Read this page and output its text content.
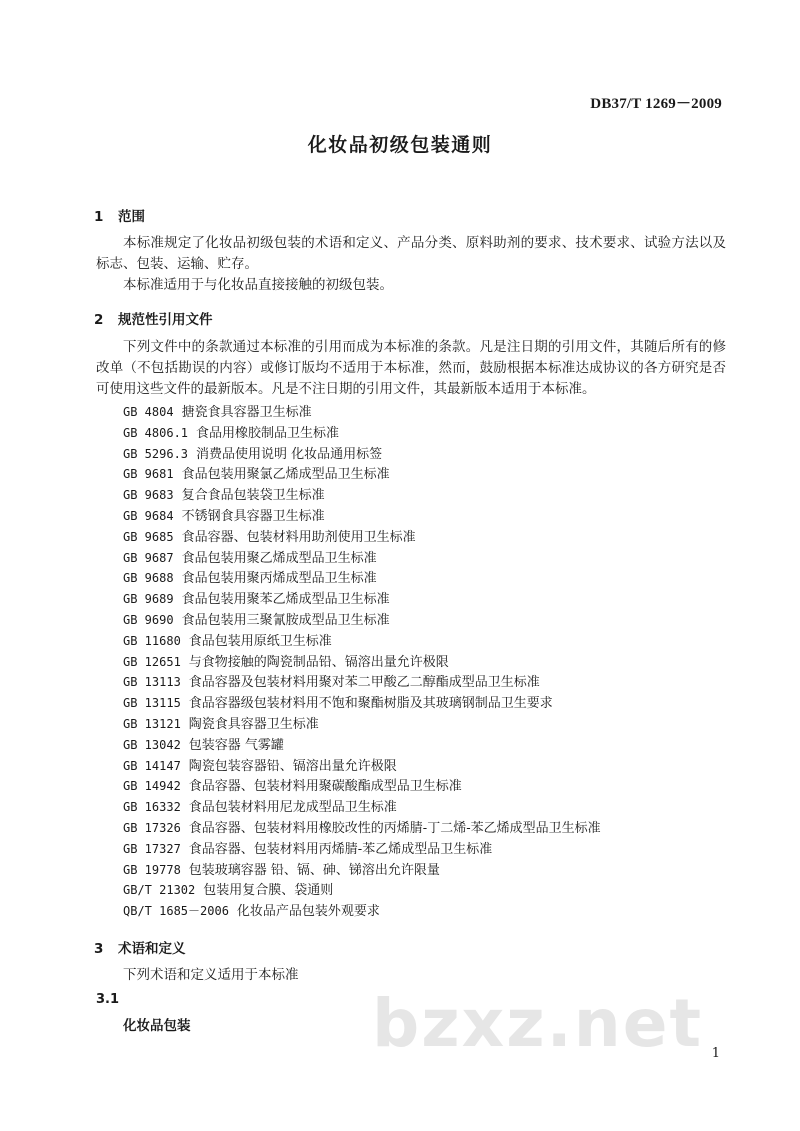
DB37/T 1269－2009
化妆品初级包装通则
1 范围

本标准规定了化妆品初级包装的术语和定义、产品分类、原料助剂的要求、技术要求、试验方法以及标志、包装、运输、贮存。

本标准适用于与化妆品直接接触的初级包装。

2 规范性引用文件

下列文件中的条款通过本标准的引用而成为本标准的条款。凡是注日期的引用文件，其随后所有的修改单（不包括勘误的内容）或修订版均不适用于本标准，然而，鼓励根据本标准达成协议的各方研究是否可使用这些文件的最新版本。凡是不注日期的引用文件，其最新版本适用于本标准。

GB 4804 搪瓷食具容器卫生标准
GB 4806.1 食品用橡胶制品卫生标准
GB 5296.3 消费品使用说明 化妆品通用标签
GB 9681 食品包装用聚氯乙烯成型品卫生标准
GB 9683 复合食品包装袋卫生标准
GB 9684 不锈钢食具容器卫生标准
GB 9685 食品容器、包装材料用助剂使用卫生标准
GB 9687 食品包装用聚乙烯成型品卫生标准
GB 9688 食品包装用聚丙烯成型品卫生标准
GB 9689 食品包装用聚苯乙烯成型品卫生标准
GB 9690 食品包装用三聚氰胺成型品卫生标准
GB 11680 食品包装用原纸卫生标准
GB 12651 与食物接触的陶瓷制品铅、镉溶出量允许极限
GB 13113 食品容器及包装材料用聚对苯二甲酸乙二醇酯成型品卫生标准
GB 13115 食品容器级包装材料用不饱和聚酯树脂及其玻璃钢制品卫生要求
GB 13121 陶瓷食具容器卫生标准
GB 13042 包装容器 气雾罐
GB 14147 陶瓷包装容器铅、镉溶出量允许极限
GB 14942 食品容器、包装材料用聚碳酸酯成型品卫生标准
GB 16332 食品包装材料用尼龙成型品卫生标准
GB 17326 食品容器、包装材料用橡胶改性的丙烯腈-丁二烯-苯乙烯成型品卫生标准
GB 17327 食品容器、包装材料用丙烯腈-苯乙烯成型品卫生标准
GB 19778 包装玻璃容器 铅、镉、砷、锑溶出允许限量
GB/T 21302 包装用复合膜、袋通则
QB/T 1685－2006 化妆品产品包装外观要求
3 术语和定义

下列术语和定义适用于本标准

3.1
化妆品包装	bzxz.net 1
